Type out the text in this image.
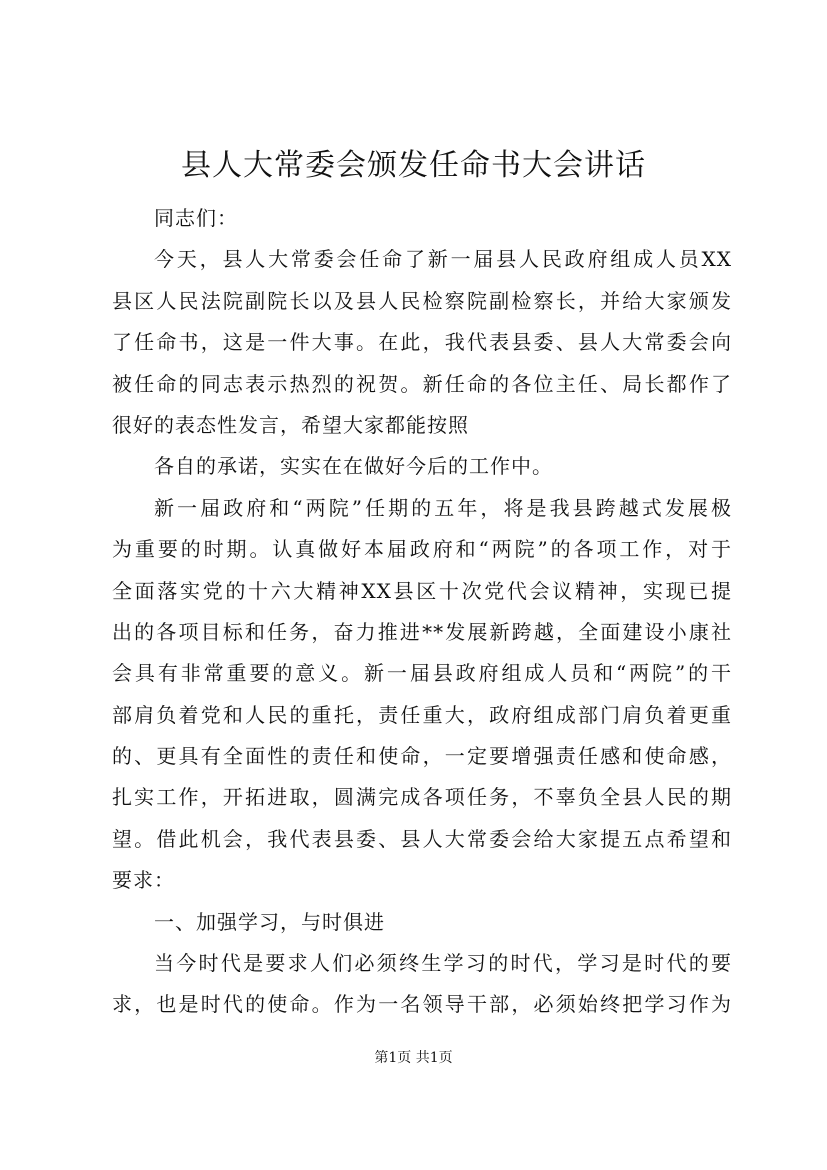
县人大常委会颁发任命书大会讲话
同志们：
今天，县人大常委会任命了新一届县人民政府组成人员XX
县区人民法院副院长以及县人民检察院副检察长，并给大家颁发
了任命书，这是一件大事。在此，我代表县委、县人大常委会向
被任命的同志表示热烈的祝贺。新任命的各位主任、局长都作了
很好的表态性发言，希望大家都能按照
各自的承诺，实实在在做好今后的工作中。
新一届政府和“两院”任期的五年，将是我县跨越式发展极
为重要的时期。认真做好本届政府和“两院”的各项工作，对于
全面落实党的十六大精神XX县区十次党代会议精神，实现已提
出的各项目标和任务，奋力推进**发展新跨越，全面建设小康社
会具有非常重要的意义。新一届县政府组成人员和“两院”的干
部肩负着党和人民的重托，责任重大，政府组成部门肩负着更重
的、更具有全面性的责任和使命，一定要增强责任感和使命感，
扎实工作，开拓进取，圆满完成各项任务，不辜负全县人民的期
望。借此机会，我代表县委、县人大常委会给大家提五点希望和
要求：
一、加强学习，与时俱进
当今时代是要求人们必须终生学习的时代，学习是时代的要
求，也是时代的使命。作为一名领导干部，必须始终把学习作为
第1页 共1页
